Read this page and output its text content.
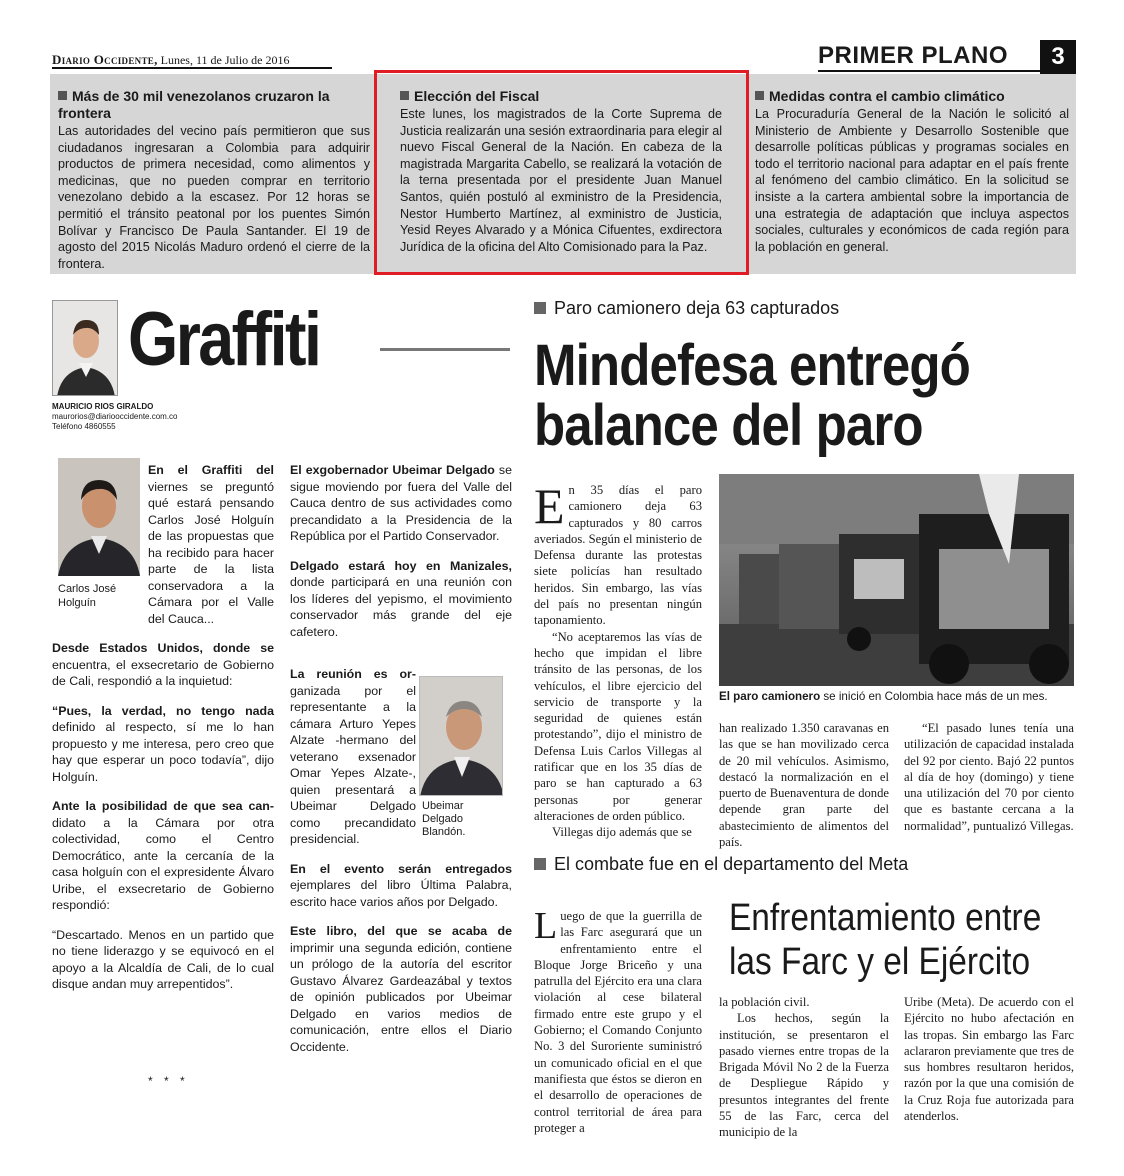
Diario Occidente, Lunes, 11 de Julio de 2016	PRIMER PLANO	3
Más de 30 mil venezolanos cruzaron la frontera
Las autoridades del vecino país permitieron que sus ciudadanos ingresaran a Colombia para adquirir productos de primera necesidad, como alimentos y medicinas, que no pueden comprar en territorio venezolano debido a la escasez. Por 12 horas se permitió el tránsito peatonal por los puentes Simón Bolívar y Francisco De Paula Santander. El 19 de agosto del 2015 Nicolás Maduro ordenó el cierre de la frontera.
Elección del Fiscal
Este lunes, los magistrados de la Corte Suprema de Justicia realizarán una sesión extraordinaria para elegir al nuevo Fiscal General de la Nación. En cabeza de la magistrada Margarita Cabello, se realizará la votación de la terna presentada por el presidente Juan Manuel Santos, quién postuló al exministro de la Presidencia, Nestor Humberto Martínez, al exministro de Justicia, Yesid Reyes Alvarado y a Mónica Cifuentes, exdirectora Jurídica de la oficina del Alto Comisionado para la Paz.
Medidas contra el cambio climático
La Procuraduría General de la Nación le solicitó al Ministerio de Ambiente y Desarrollo Sostenible que desarrolle políticas públicas y programas sociales en todo el territorio nacional para adaptar en el país frente al fenómeno del cambio climático. En la solicitud se insiste a la cartera ambiental sobre la importancia de una estrategia de adaptación que incluya aspectos sociales, culturales y económicos de cada región para la población en general.
Graffiti
MAURICIO RIOS GIRALDO
maurorios@diariooccidente.com.co
Teléfono 4860555

En el Graffiti del viernes se preguntó qué estará pensando Carlos José Holguín de las propuestas que ha recibido para hacer parte de la lista conservadora a la Cámara por el Valle del Cauca...

Desde Estados Unidos, donde se encuentra, el exsecretario de Gobierno de Cali, respondió a la inquietud:

“Pues, la verdad, no tengo nada definido al respecto, sí me lo han propuesto y me interesa, pero creo que hay que esperar un poco todavía”, dijo Holguín.

Ante la posibilidad de que sea can-didato a la Cámara por otra colectividad, como el Centro Democrático, ante la cercanía de la casa holguín con el expresidente Álvaro Uribe, el exsecretario de Gobierno respondió:

“Descartado. Menos en un partido que no tiene liderazgo y se equivocó en el apoyo a la Alcaldía de Cali, de lo cual disque andan muy arrepentidos”.

Carlos José Holguín

El exgobernador Ubeimar Delgado se sigue moviendo por fuera del Valle del Cauca dentro de sus actividades como precandidato a la Presidencia de la República por el Partido Conservador.

Delgado estará hoy en Manizales, donde participará en una reunión con los líderes del yepismo, el movimiento conservador más grande del eje cafetero.

La reunión es or-ganizada por el representante a la cámara Arturo Yepes Alzate -hermano del veterano exsenador Omar Yepes Alzate-, quien presentará a Ubeimar Delgado como precandidato presidencial.

En el evento serán entregados ejemplares del libro Última Palabra, escrito hace varios años por Delgado.

Este libro, del que se acaba de imprimir una segunda edición, contiene un prólogo de la autoría del escritor Gustavo Álvarez Gardeazábal y textos de opinión publicados por Ubeimar Delgado en varios medios de comunicación, entre ellos el Diario Occidente.

Ubeimar Delgado Blandón.
* * *
Paro camionero deja 63 capturados
Mindefesa entregó balance del paro

En 35 días el paro camionero deja 63 capturados y 80 carros averiados. Según el ministerio de Defensa durante las protestas siete policías han resultado heridos. Sin embargo, las vías del país no presentan ningún taponamiento.

“No aceptaremos las vías de hecho que impidan el libre tránsito de las personas, de los vehículos, el libre ejercicio del servicio de transporte y la seguridad de quienes están protestando”, dijo el ministro de Defensa Luis Carlos Villegas al ratificar que en los 35 días de paro se han capturado a 63 personas por generar alteraciones de orden público.

Villegas dijo además que se

El paro camionero se inició en Colombia hace más de un mes.

han realizado 1.350 caravanas en las que se han movilizado cerca de 20 mil vehículos. Asimismo, destacó la normalización en el puerto de Buenaventura de donde depende gran parte del abastecimiento de alimentos del país.

“El pasado lunes tenía una utilización de capacidad instalada del 92 por ciento. Bajó 22 puntos al día de hoy (domingo) y tiene una utilización del 70 por ciento que es bastante cercana a la normalidad”, puntualizó Villegas.

El combate fue en el departamento del Meta
Enfrentamiento entre las Farc y el Ejército

Luego de que la guerrilla de las Farc asegurará que un enfrentamiento entre el Bloque Jorge Briceño y una patrulla del Ejército era una clara violación al cese bilateral firmado entre este grupo y el Gobierno; el Comando Conjunto No. 3 del Suroriente suministró un comunicado oficial en el que manifiesta que éstos se dieron en el desarrollo de operaciones de control territorial de área para proteger a

la población civil.

Los hechos, según la institución, se presentaron el pasado viernes entre tropas de la Brigada Móvil No 2 de la Fuerza de Despliegue Rápido y presuntos integrantes del frente 55 de las Farc, cerca del municipio de la

Uribe (Meta). De acuerdo con el Ejército no hubo afectación en las tropas. Sin embargo las Farc aclararon previamente que tres de sus hombres resultaron heridos, razón por la que una comisión de la Cruz Roja fue autorizada para atenderlos.
